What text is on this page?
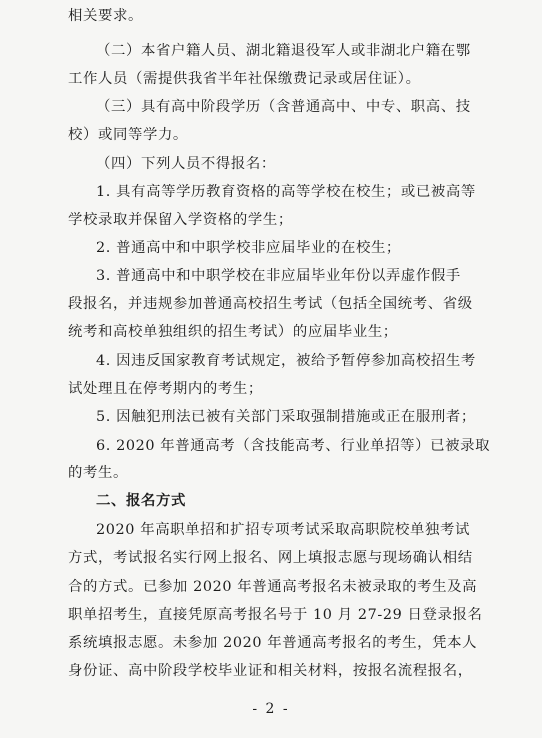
相关要求。
（二）本省户籍人员、湖北籍退役军人或非湖北户籍在鄂
工作人员（需提供我省半年社保缴费记录或居住证）。
（三）具有高中阶段学历（含普通高中、中专、职高、技
校）或同等学力。
（四）下列人员不得报名：
1. 具有高等学历教育资格的高等学校在校生；或已被高等
学校录取并保留入学资格的学生；
2. 普通高中和中职学校非应届毕业的在校生；
3. 普通高中和中职学校在非应届毕业年份以弄虚作假手
段报名，并违规参加普通高校招生考试（包括全国统考、省级
统考和高校单独组织的招生考试）的应届毕业生；
4. 因违反国家教育考试规定，被给予暂停参加高校招生考
试处理且在停考期内的考生；
5. 因触犯刑法已被有关部门采取强制措施或正在服刑者；
6. 2020 年普通高考（含技能高考、行业单招等）已被录取
的考生。
二、报名方式
2020 年高职单招和扩招专项考试采取高职院校单独考试
方式，考试报名实行网上报名、网上填报志愿与现场确认相结
合的方式。已参加 2020 年普通高考报名未被录取的考生及高
职单招考生，直接凭原高考报名号于 10 月 27-29 日登录报名
系统填报志愿。未参加 2020 年普通高考报名的考生，凭本人
身份证、高中阶段学校毕业证和相关材料，按报名流程报名，
- 2 -
